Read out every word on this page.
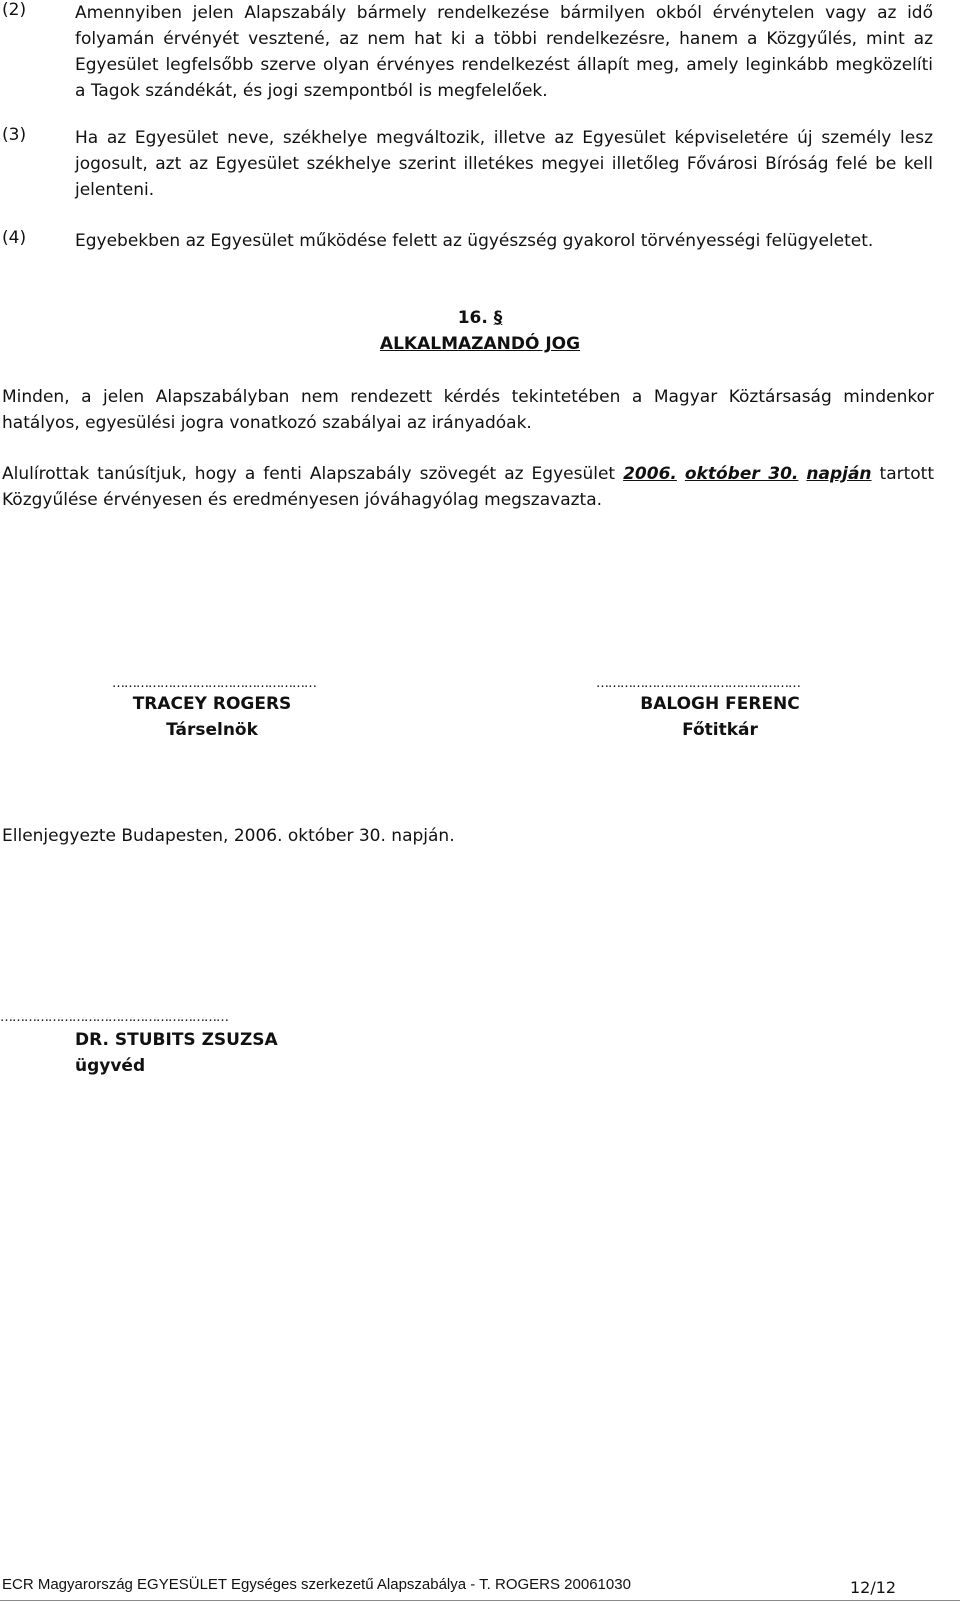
(2)	Amennyiben jelen Alapszabály bármely rendelkezése bármilyen okból érvénytelen vagy az idő folyamán érvényét vesztené, az nem hat ki a többi rendelkezésre, hanem a Közgyűlés, mint az Egyesület legfelsőbb szerve olyan érvényes rendelkezést állapít meg, amely leginkább megközelíti a Tagok szándékát, és jogi szempontból is megfelelőek.
(3)	Ha az Egyesület neve, székhelye megváltozik, illetve az Egyesület képviseletére új személy lesz jogosult, azt az Egyesület székhelye szerint illetékes megyei illetőleg Fővárosi Bíróság felé be kell jelenteni.
(4)	Egyebekben az Egyesület működése felett az ügyészség gyakorol törvényességi felügyeletet.
16. §
ALKALMAZANDÓ JOG
Minden, a jelen Alapszabályban nem rendezett kérdés tekintetében a Magyar Köztársaság mindenkor hatályos, egyesülési jogra vonatkozó szabályai az irányadóak.
Alulírottak tanúsítjuk, hogy a fenti Alapszabály szövegét az Egyesület 2006. október 30. napján tartott Közgyűlése érvényesen és eredményesen jóváhagyólag megszavazta.
……………………………………………	……………………………………………
TRACEY ROGERS
Társelnök
BALOGH FERENC
Főtitkár
Ellenjegyezte Budapesten, 2006. október 30. napján.
…………………………………………………
DR. STUBITS ZSUZSA
ügyvéd
ECR Magyarország EGYESÜLET Egységes szerkezetű Alapszabálya - T. ROGERS 20061030	12/12
